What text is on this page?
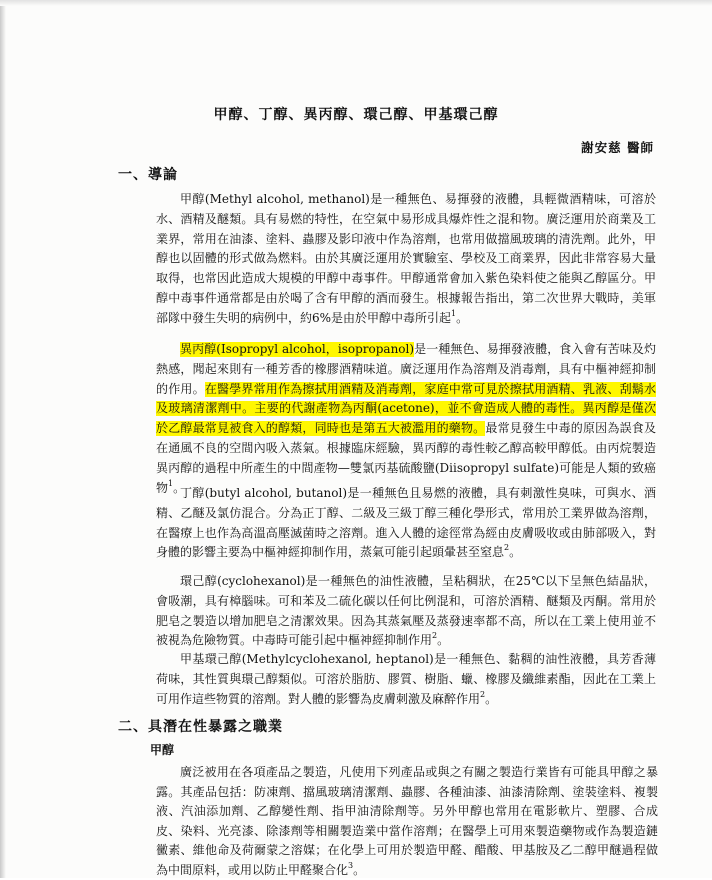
甲醇、丁醇、異丙醇、環己醇、甲基環己醇
謝安慈 醫師
一、導論

甲醇(Methyl alcohol, methanol)是一種無色、易揮發的液體，具輕微酒精味，可溶於水、酒精及醚類。具有易燃的特性，在空氣中易形成具爆炸性之混和物。廣泛運用於商業及工業界，常用在油漆、塗料、蟲膠及影印液中作為溶劑，也常用做擋風玻璃的清洗劑。此外，甲醇也以固體的形式做為燃料。由於其廣泛運用於實驗室、學校及工商業界，因此非常容易大量取得，也常因此造成大規模的甲醇中毒事件。甲醇通常會加入紫色染料使之能與乙醇區分。甲醇中毒事件通常都是由於喝了含有甲醇的酒而發生。根據報告指出，第二次世界大戰時，美軍部隊中發生失明的病例中，約6%是由於甲醇中毒所引起$^1$。

異丙醇(Isopropyl alcohol，isopropanol)是一種無色、易揮發液體，食入會有苦味及灼熱感，聞起來則有一種芳香的橡膠酒精味道。廣泛運用作為溶劑及消毒劑，具有中樞神經抑制的作用。在醫學界常用作為擦拭用酒精及消毒劑，家庭中常可見於擦拭用酒精、乳液、刮鬍水及玻璃清潔劑中。主要的代謝產物為丙酮(acetone)，並不會造成人體的毒性。異丙醇是僅次於乙醇最常見被食入的醇類，同時也是第五大被濫用的藥物。最常見發生中毒的原因為誤食及在通風不良的空間內吸入蒸氣。根據臨床經驗，異丙醇的毒性較乙醇高較甲醇低。由丙烷製造異丙醇的過程中所產生的中間產物—雙氯丙基硫酸鹽(Diisopropyl sulfate)可能是人類的致癌物$^1$。

丁醇(butyl alcohol, butanol)是一種無色且易燃的液體，具有刺激性臭味，可與水、酒精、乙醚及氯仿混合。分為正丁醇、二級及三級丁醇三種化學形式，常用於工業界做為溶劑，在醫療上也作為高溫高壓滅菌時之溶劑。進入人體的途徑常為經由皮膚吸收或由肺部吸入，對身體的影響主要為中樞神經抑制作用，蒸氣可能引起頭暈甚至窒息$^2$。

環己醇(cyclohexanol)是一種無色的油性液體，呈粘稠狀，在25℃以下呈無色結晶狀，會吸潮，具有樟腦味。可和苯及二硫化碳以任何比例混和，可溶於酒精、醚類及丙酮。常用於肥皂之製造以增加肥皂之清潔效果。因為其蒸氣壓及蒸發速率都不高，所以在工業上使用並不被視為危險物質。中毒時可能引起中樞神經抑制作用$^2$。

甲基環己醇(Methylcyclohexanol, heptanol)是一種無色、黏稠的油性液體，具芳香薄荷味，其性質與環己醇類似。可溶於脂肪、膠質、樹脂、蠟、橡膠及纖維素酯，因此在工業上可用作這些物質的溶劑。對人體的影響為皮膚刺激及麻醉作用$^2$。

二、具潛在性暴露之職業
甲醇

廣泛被用在各項產品之製造，凡使用下列產品或與之有關之製造行業皆有可能具甲醇之暴露。其產品包括：防凍劑、擋風玻璃清潔劑、蟲膠、各種油漆、油漆清除劑、塗裝塗料、複製液、汽油添加劑、乙醇變性劑、指甲油清除劑等。另外甲醇也常用在電影軟片、塑膠、合成皮、染料、光亮漆、除漆劑等相關製造業中當作溶劑；在醫學上可用來製造藥物或作為製造鏈黴素、維他命及荷爾蒙之溶媒；在化學上可用於製造甲醛、醋酸、甲基胺及乙二醇甲醚過程做為中間原料，或用以防止甲醛聚合化$^3$。
